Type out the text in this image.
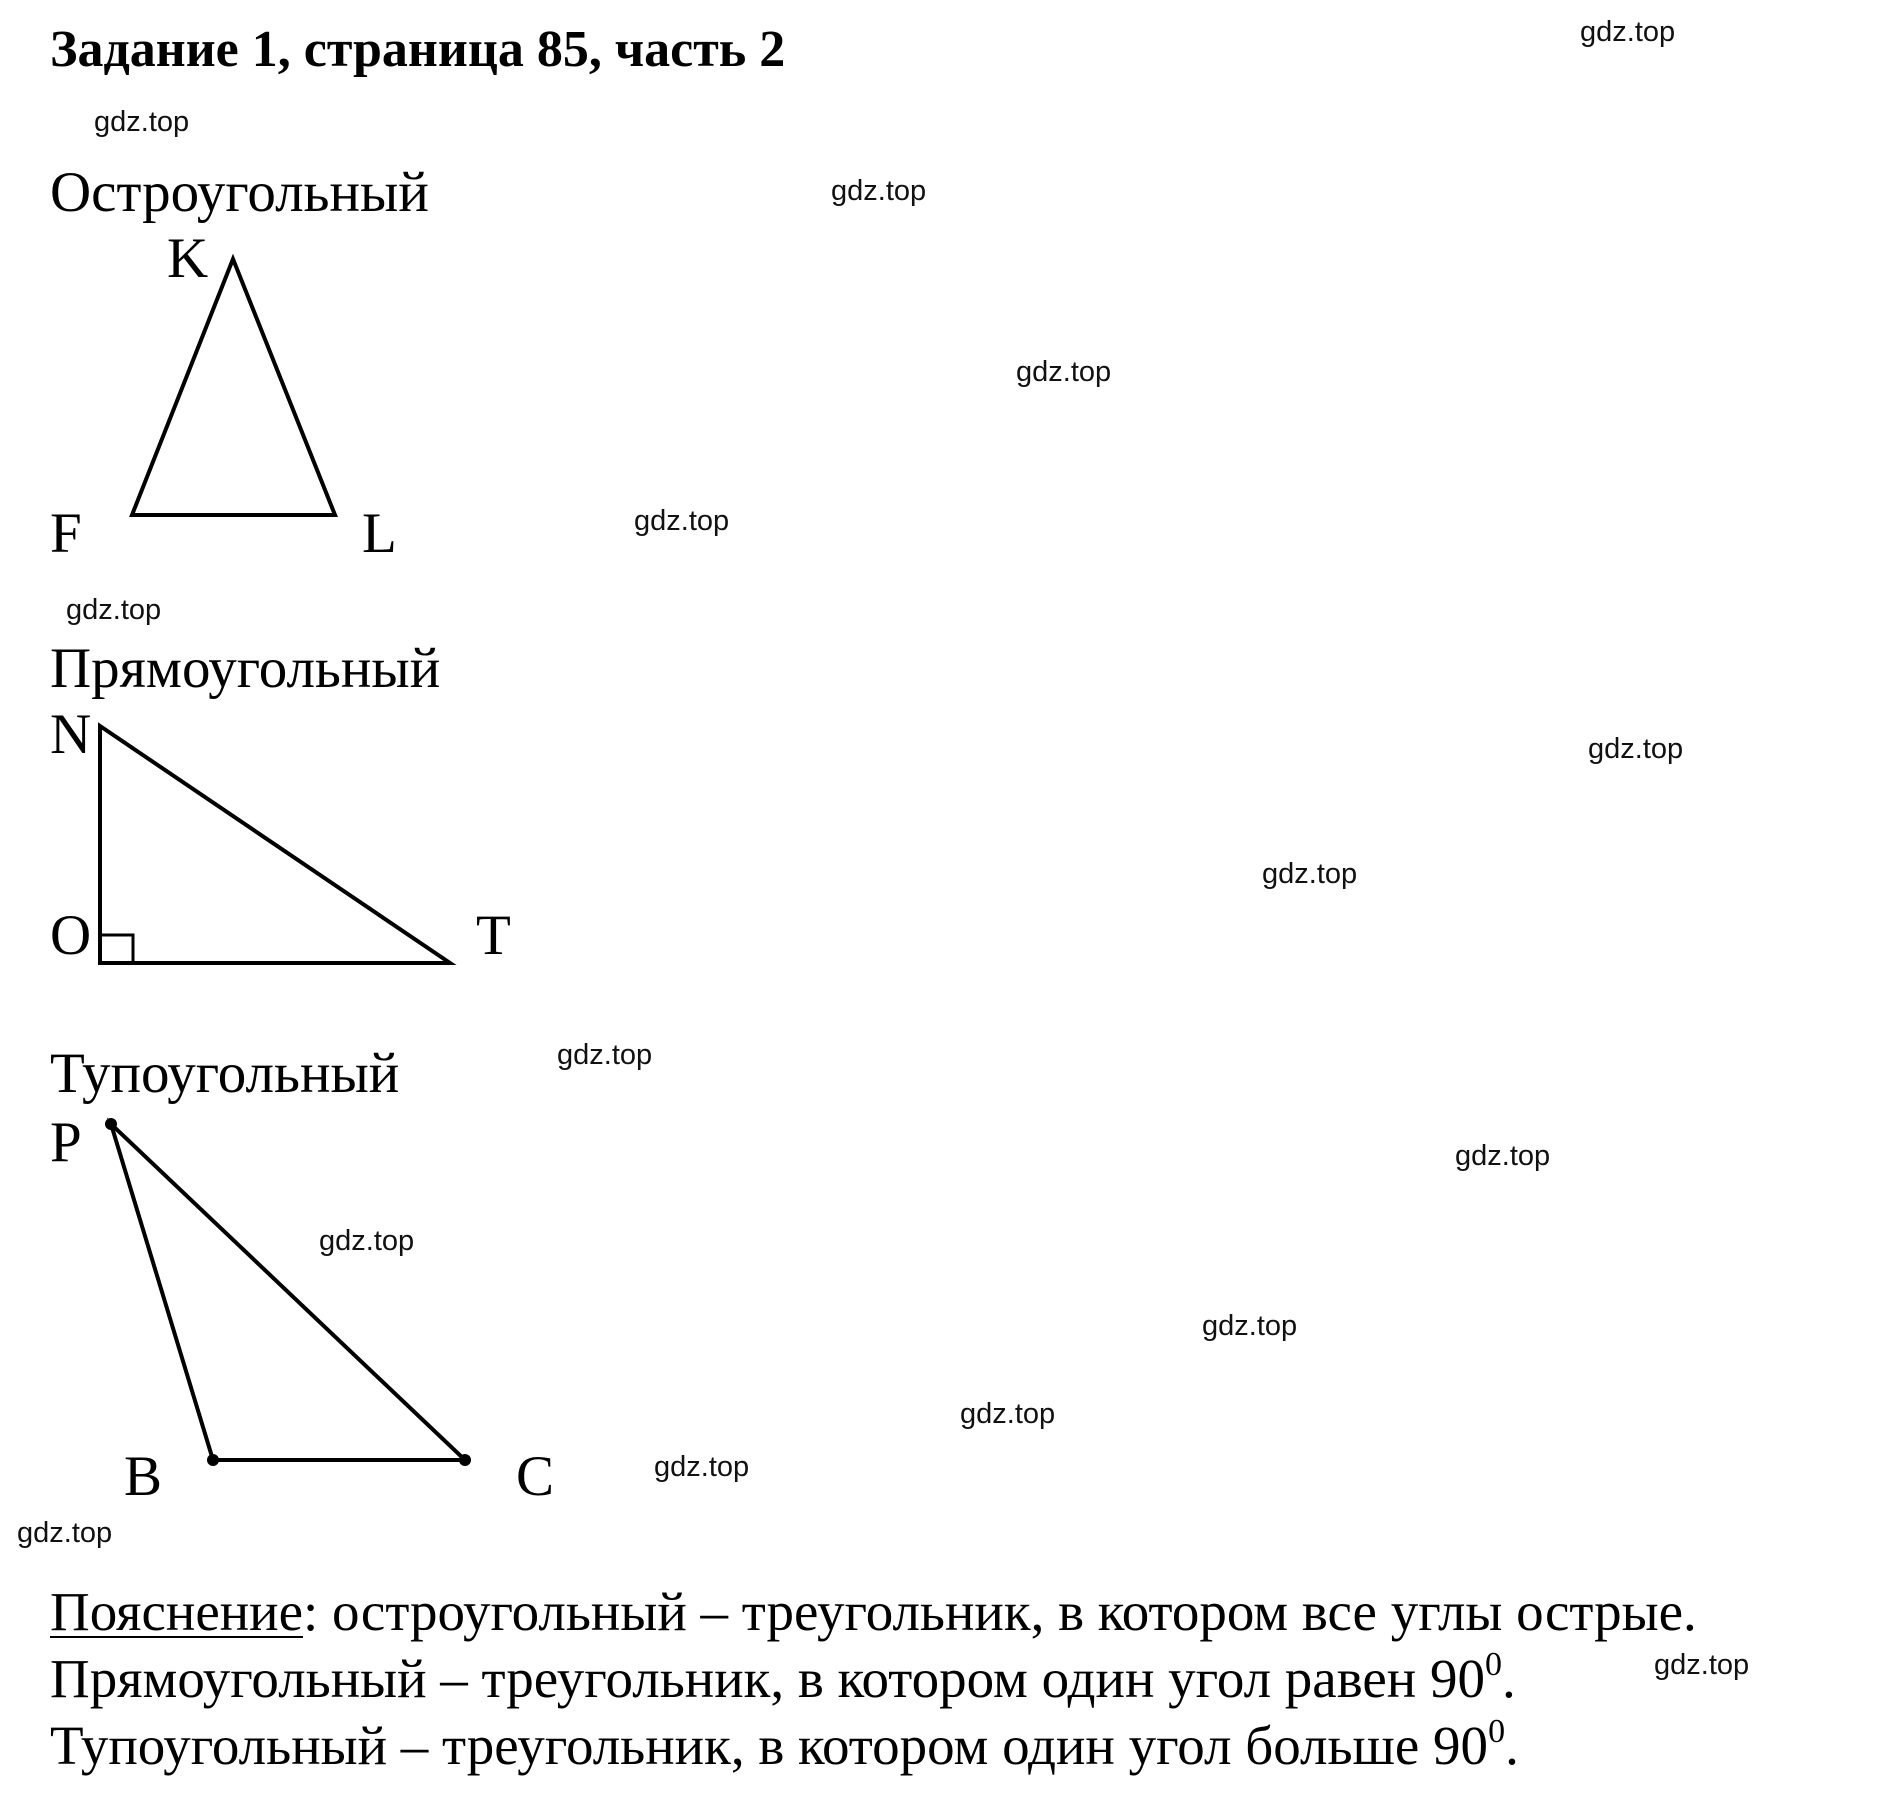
Задание 1, страница 85, часть 2
Остроугольный
Прямоугольный
Тупоугольный
K
F	L
N
O	T
P
B	C
Пояснение: остроугольный – треугольник, в котором все углы острые.
Прямоугольный – треугольник, в котором один угол равен $90^0$.
Тупоугольный – треугольник, в котором один угол больше $90^0$.
gdz.top
gdz.top
gdz.top
gdz.top
gdz.top
gdz.top
gdz.top
gdz.top
gdz.top
gdz.top
gdz.top
gdz.top
gdz.top
gdz.top
gdz.top
gdz.top
